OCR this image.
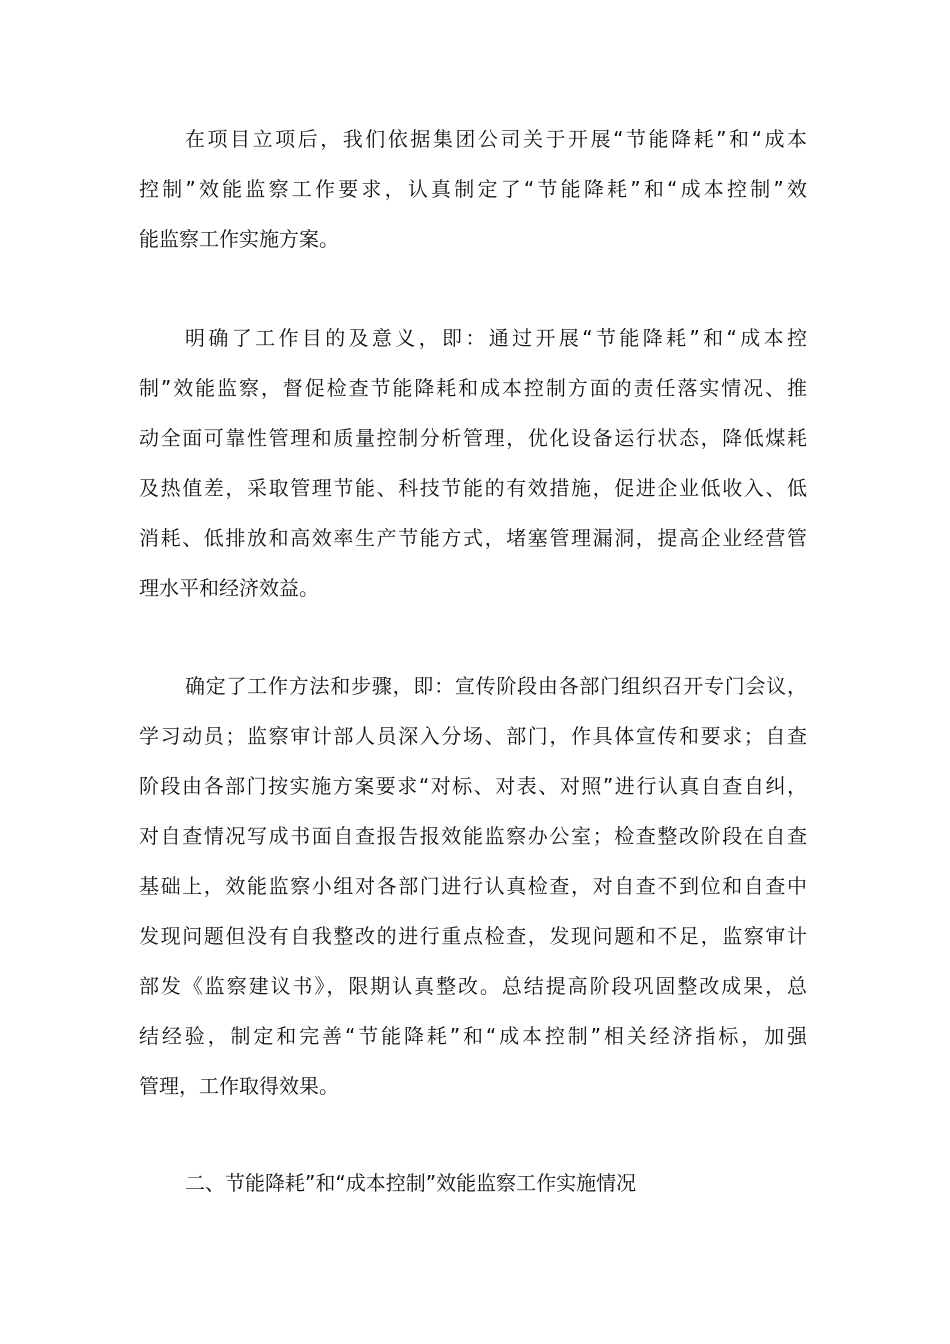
在项目立项后，我们依据集团公司关于开展“节能降耗”和“成本
控制”效能监察工作要求，认真制定了“节能降耗”和“成本控制”效
能监察工作实施方案。

明确了工作目的及意义，即：通过开展“节能降耗”和“成本控
制”效能监察，督促检查节能降耗和成本控制方面的责任落实情况、推
动全面可靠性管理和质量控制分析管理，优化设备运行状态，降低煤耗
及热值差，采取管理节能、科技节能的有效措施，促进企业低收入、低
消耗、低排放和高效率生产节能方式，堵塞管理漏洞，提高企业经营管
理水平和经济效益。

确定了工作方法和步骤，即：宣传阶段由各部门组织召开专门会议，
学习动员；监察审计部人员深入分场、部门，作具体宣传和要求；自查
阶段由各部门按实施方案要求“对标、对表、对照”进行认真自查自纠，
对自查情况写成书面自查报告报效能监察办公室；检查整改阶段在自查
基础上，效能监察小组对各部门进行认真检查，对自查不到位和自查中
发现问题但没有自我整改的进行重点检查，发现问题和不足，监察审计
部发《监察建议书》，限期认真整改。总结提高阶段巩固整改成果，总
结经验，制定和完善“节能降耗”和“成本控制”相关经济指标，加强
管理，工作取得效果。

二、节能降耗”和“成本控制”效能监察工作实施情况
